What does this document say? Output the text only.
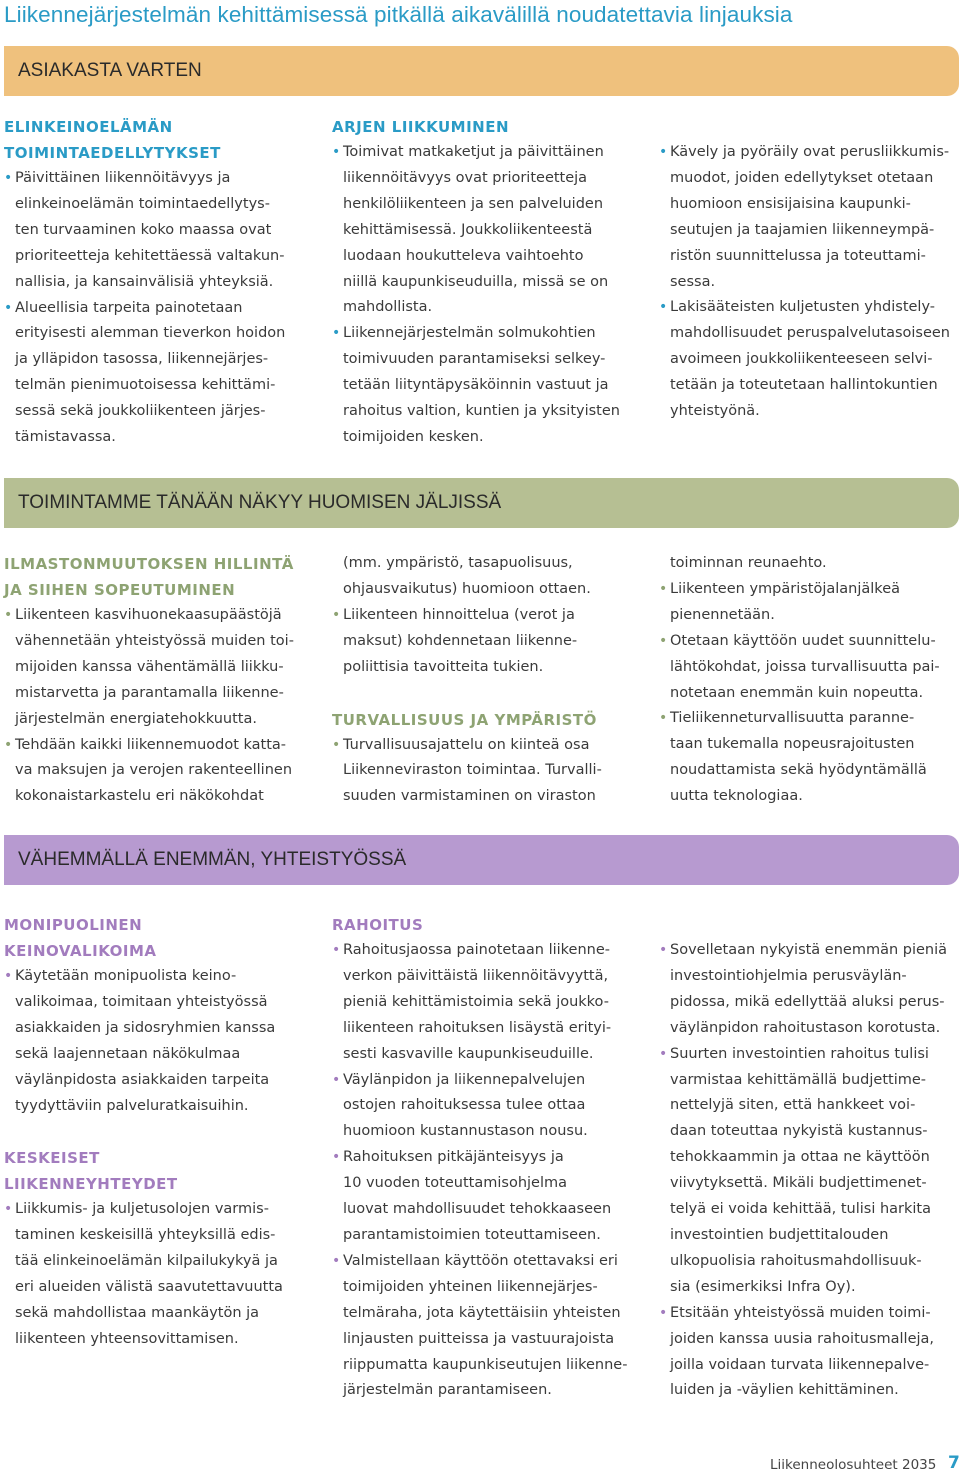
Liikennejärjestelmän kehittämisessä pitkällä aikavälillä noudatettavia linjauksia
ASIAKASTA VARTEN
ELINKEINOELÄMÄN
TOIMINTAEDELLYTYKSET
• Päivittäinen liikennöitävyys ja
elinkeinoelämän toimintaedellytys-
ten turvaaminen koko maassa ovat
prioriteetteja kehitettäessä valtakun-
nallisia, ja kansainvälisiä yhteyksiä.
• Alueellisia tarpeita painotetaan
erityisesti alemman tieverkon hoidon
ja ylläpidon tasossa, liikennejärjes-
telmän pienimuotoisessa kehittämi-
sessä sekä joukkoliikenteen järjes-
tämistavassa.
ARJEN LIIKKUMINEN
• Toimivat matkaketjut ja päivittäinen
liikennöitävyys ovat prioriteetteja
henkilöliikenteen ja sen palveluiden
kehittämisessä. Joukkoliikenteestä
luodaan houkutteleva vaihtoehto
niillä kaupunkiseuduilla, missä se on
mahdollista.
• Liikennejärjestelmän solmukohtien
toimivuuden parantamiseksi selkey-
tetään liityntäpysäköinnin vastuut ja
rahoitus valtion, kuntien ja yksityisten
toimijoiden kesken.
• Kävely ja pyöräily ovat perusliikkumis-
muodot, joiden edellytykset otetaan
huomioon ensisijaisina kaupunki-
seutujen ja taajamien liikenneympä-
ristön suunnittelussa ja toteuttami-
sessa.
• Lakisääteisten kuljetusten yhdistely-
mahdollisuudet peruspalvelutasoiseen
avoimeen joukkoliikenteeseen selvi-
tetään ja toteutetaan hallintokuntien
yhteistyönä.
TOIMINTAMME TÄNÄÄN NÄKYY HUOMISEN JÄLJISSÄ
ILMASTONMUUTOKSEN HILLINTÄ
JA SIIHEN SOPEUTUMINEN
• Liikenteen kasvihuonekaasupäästöjä
vähennetään yhteistyössä muiden toi-
mijoiden kanssa vähentämällä liikku-
mistarvetta ja parantamalla liikenne-
järjestelmän energiatehokkuutta.
• Tehdään kaikki liikennemuodot katta-
va maksujen ja verojen rakenteellinen
kokonaistarkastelu eri näkökohdat
(mm. ympäristö, tasapuolisuus,
ohjausvaikutus) huomioon ottaen.
• Liikenteen hinnoittelua (verot ja
maksut) kohdennetaan liikenne-
poliittisia tavoitteita tukien.
TURVALLISUUS JA YMPÄRISTÖ
• Turvallisuusajattelu on kiinteä osa
Liikenneviraston toimintaa. Turvalli-
suuden varmistaminen on viraston
toiminnan reunaehto.
• Liikenteen ympäristöjalanjälkeä
pienennetään.
• Otetaan käyttöön uudet suunnittelu-
lähtökohdat, joissa turvallisuutta pai-
notetaan enemmän kuin nopeutta.
• Tieliikenneturvallisuutta paranne-
taan tukemalla nopeusrajoitusten
noudattamista sekä hyödyntämällä
uutta teknologiaa.
VÄHEMMÄLLÄ ENEMMÄN, YHTEISTYÖSSÄ
MONIPUOLINEN
KEINOVALIKOIMA
• Käytetään monipuolista keino-
valikoimaa, toimitaan yhteistyössä
asiakkaiden ja sidosryhmien kanssa
sekä laajennetaan näkökulmaa
väylänpidosta asiakkaiden tarpeita
tyydyttäviin palveluratkaisuihin.
KESKEISET
LIIKENNEYHTEYDET
• Liikkumis- ja kuljetusolojen varmis-
taminen keskeisillä yhteyksillä edis-
tää elinkeinoelämän kilpailukykyä ja
eri alueiden välistä saavutettavuutta
sekä mahdollistaa maankäytön ja
liikenteen yhteensovittamisen.
RAHOITUS
• Rahoitusjaossa painotetaan liikenne-
verkon päivittäistä liikennöitävyyttä,
pieniä kehittämistoimia sekä joukko-
liikenteen rahoituksen lisäystä erityi-
sesti kasvaville kaupunkiseuduille.
• Väylänpidon ja liikennepalvelujen
ostojen rahoituksessa tulee ottaa
huomioon kustannustason nousu.
• Rahoituksen pitkäjänteisyys ja
10 vuoden toteuttamisohjelma
luovat mahdollisuudet tehokkaaseen
parantamistoimien toteuttamiseen.
• Valmistellaan käyttöön otettavaksi eri
toimijoiden yhteinen liikennejärjes-
telmäraha, jota käytettäisiin yhteisten
linjausten puitteissa ja vastuurajoista
riippumatta kaupunkiseutujen liikenne-
järjestelmän parantamiseen.
• Sovelletaan nykyistä enemmän pieniä
investointiohjelmia perusväylän-
pidossa, mikä edellyttää aluksi perus-
väylänpidon rahoitustason korotusta.
• Suurten investointien rahoitus tulisi
varmistaa kehittämällä budjettime-
nettelyjä siten, että hankkeet voi-
daan toteuttaa nykyistä kustannus-
tehokkaammin ja ottaa ne käyttöön
viivytyksettä. Mikäli budjettimenet-
telyä ei voida kehittää, tulisi harkita
investointien budjettitalouden
ulkopuolisia rahoitusmahdollisuuk-
sia (esimerkiksi Infra Oy).
• Etsitään yhteistyössä muiden toimi-
joiden kanssa uusia rahoitusmalleja,
joilla voidaan turvata liikennepalve-
luiden ja -väylien kehittäminen.
Liikenneolosuhteet 2035 7
